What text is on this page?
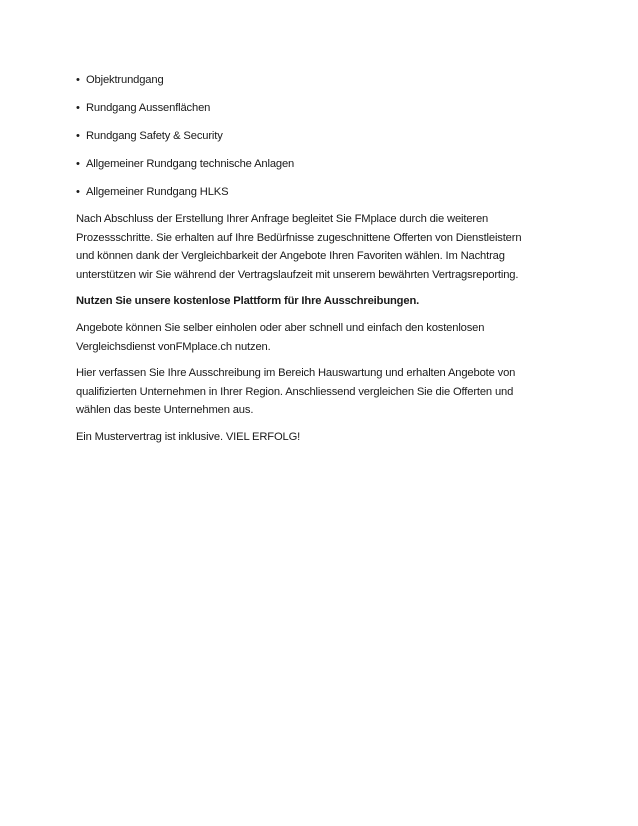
• Objektrundgang
• Rundgang Aussenflächen
• Rundgang Safety & Security
• Allgemeiner Rundgang technische Anlagen
• Allgemeiner Rundgang HLKS

Nach Abschluss der Erstellung Ihrer Anfrage begleitet Sie FMplace durch die weiteren
Prozessschritte. Sie erhalten auf Ihre Bedürfnisse zugeschnittene Offerten von Dienstleistern
und können dank der Vergleichbarkeit der Angebote Ihren Favoriten wählen. Im Nachtrag
unterstützen wir Sie während der Vertragslaufzeit mit unserem bewährten Vertragsreporting.

Nutzen Sie unsere kostenlose Plattform für Ihre Ausschreibungen.

Angebote können Sie selber einholen oder aber schnell und einfach den kostenlosen
Vergleichsdienst vonFMplace.ch nutzen.

Hier verfassen Sie Ihre Ausschreibung im Bereich Hauswartung und erhalten Angebote von
qualifizierten Unternehmen in Ihrer Region. Anschliessend vergleichen Sie die Offerten und
wählen das beste Unternehmen aus.

Ein Mustervertrag ist inklusive. VIEL ERFOLG!
